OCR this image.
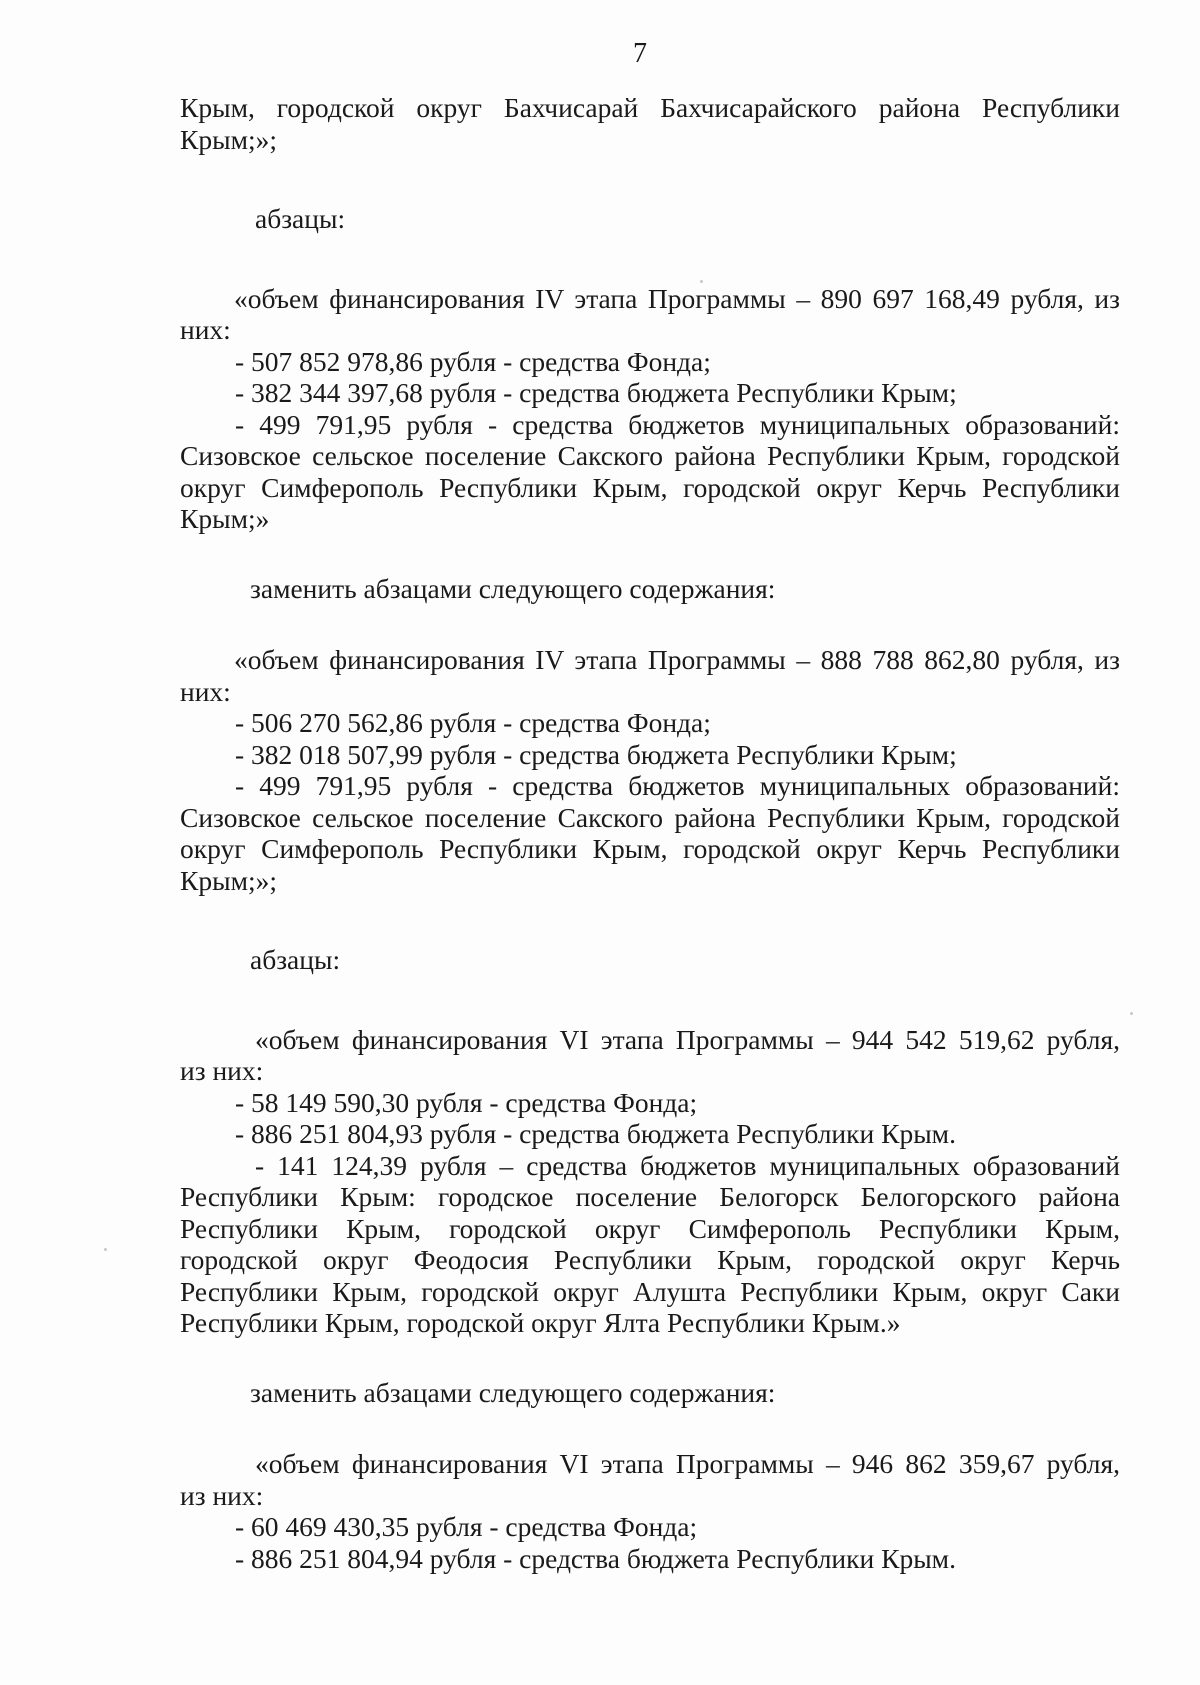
7
Крым, городской округ Бахчисарай Бахчисарайского района Республики
Крым;»;
абзацы:
«объем финансирования IV этапа Программы – 890 697 168,49 рубля, из
них:
- 507 852 978,86 рубля - средства Фонда;
- 382 344 397,68 рубля - средства бюджета Республики Крым;
- 499 791,95 рубля - средства бюджетов муниципальных образований:
Сизовское сельское поселение Сакского района Республики Крым, городской
округ Симферополь Республики Крым, городской округ Керчь Республики
Крым;»
заменить абзацами следующего содержания:
«объем финансирования IV этапа Программы – 888 788 862,80 рубля, из
них:
- 506 270 562,86 рубля - средства Фонда;
- 382 018 507,99 рубля - средства бюджета Республики Крым;
- 499 791,95 рубля - средства бюджетов муниципальных образований:
Сизовское сельское поселение Сакского района Республики Крым, городской
округ Симферополь Республики Крым, городской округ Керчь Республики
Крым;»;
абзацы:
«объем финансирования VI этапа Программы – 944 542 519,62 рубля,
из них:
- 58 149 590,30 рубля - средства Фонда;
- 886 251 804,93 рубля - средства бюджета Республики Крым.
- 141 124,39 рубля – средства бюджетов муниципальных образований
Республики Крым: городское поселение Белогорск Белогорского района
Республики Крым, городской округ Симферополь Республики Крым,
городской округ Феодосия Республики Крым, городской округ Керчь
Республики Крым, городской округ Алушта Республики Крым, округ Саки
Республики Крым, городской округ Ялта Республики Крым.»
заменить абзацами следующего содержания:
«объем финансирования VI этапа Программы – 946 862 359,67 рубля,
из них:
- 60 469 430,35 рубля - средства Фонда;
- 886 251 804,94 рубля - средства бюджета Республики Крым.
